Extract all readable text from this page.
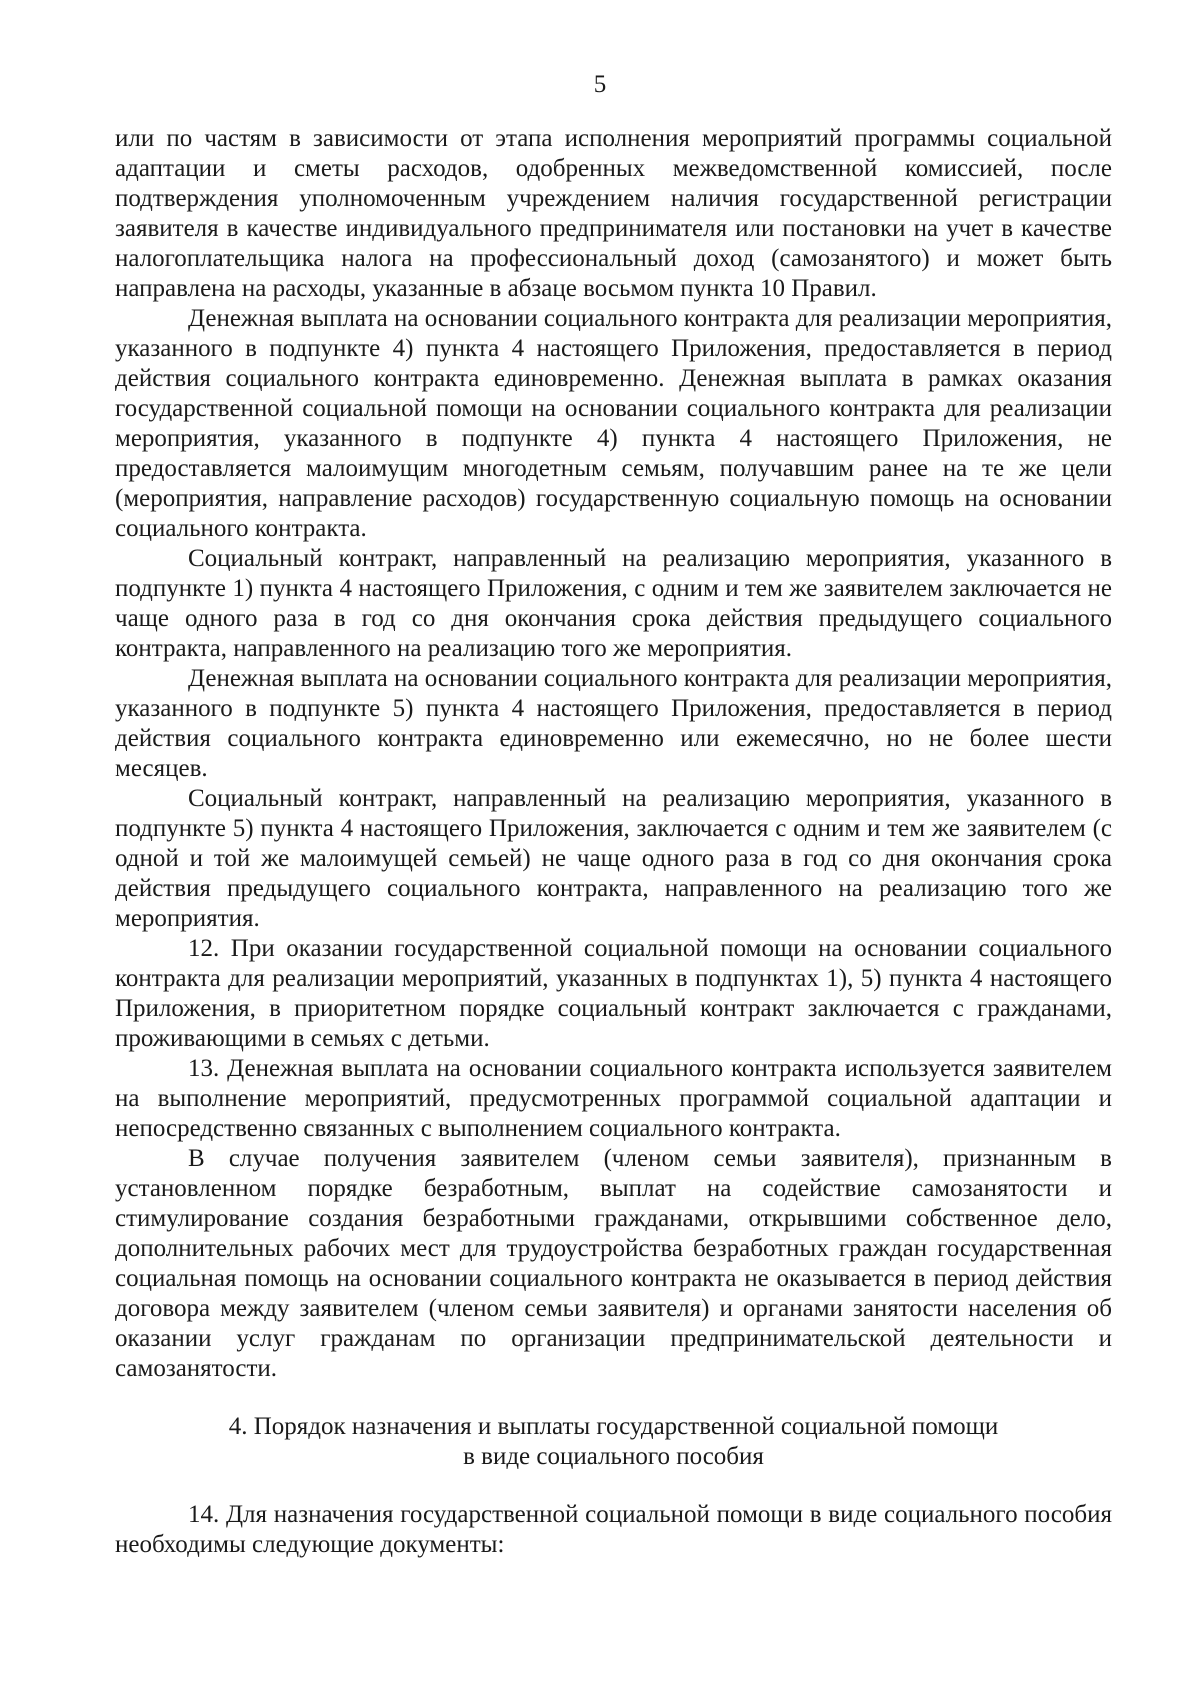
5

или по частям в зависимости от этапа исполнения мероприятий программы социальной адаптации и сметы расходов, одобренных межведомственной комиссией, после подтверждения уполномоченным учреждением наличия государственной регистрации заявителя в качестве индивидуального предпринимателя или постановки на учет в качестве налогоплательщика налога на профессиональный доход (самозанятого) и может быть направлена на расходы, указанные в абзаце восьмом пункта 10 Правил.

Денежная выплата на основании социального контракта для реализации мероприятия, указанного в подпункте 4) пункта 4 настоящего Приложения, предоставляется в период действия социального контракта единовременно. Денежная выплата в рамках оказания государственной социальной помощи на основании социального контракта для реализации мероприятия, указанного в подпункте 4) пункта 4 настоящего Приложения, не предоставляется малоимущим многодетным семьям, получавшим ранее на те же цели (мероприятия, направление расходов) государственную социальную помощь на основании социального контракта.

Социальный контракт, направленный на реализацию мероприятия, указанного в подпункте 1) пункта 4 настоящего Приложения, с одним и тем же заявителем заключается не чаще одного раза в год со дня окончания срока действия предыдущего социального контракта, направленного на реализацию того же мероприятия.

Денежная выплата на основании социального контракта для реализации мероприятия, указанного в подпункте 5) пункта 4 настоящего Приложения, предоставляется в период действия социального контракта единовременно или ежемесячно, но не более шести месяцев.

Социальный контракт, направленный на реализацию мероприятия, указанного в подпункте 5) пункта 4 настоящего Приложения, заключается с одним и тем же заявителем (с одной и той же малоимущей семьей) не чаще одного раза в год со дня окончания срока действия предыдущего социального контракта, направленного на реализацию того же мероприятия.

12. При оказании государственной социальной помощи на основании социального контракта для реализации мероприятий, указанных в подпунктах 1), 5) пункта 4 настоящего Приложения, в приоритетном порядке социальный контракт заключается с гражданами, проживающими в семьях с детьми.

13. Денежная выплата на основании социального контракта используется заявителем на выполнение мероприятий, предусмотренных программой социальной адаптации и непосредственно связанных с выполнением социального контракта.

В случае получения заявителем (членом семьи заявителя), признанным в установленном порядке безработным, выплат на содействие самозанятости и стимулирование создания безработными гражданами, открывшими собственное дело, дополнительных рабочих мест для трудоустройства безработных граждан государственная социальная помощь на основании социального контракта не оказывается в период действия договора между заявителем (членом семьи заявителя) и органами занятости населения об оказании услуг гражданам по организации предпринимательской деятельности и самозанятости.

4. Порядок назначения и выплаты государственной социальной помощи
в виде социального пособия

14. Для назначения государственной социальной помощи в виде социального пособия необходимы следующие документы:
